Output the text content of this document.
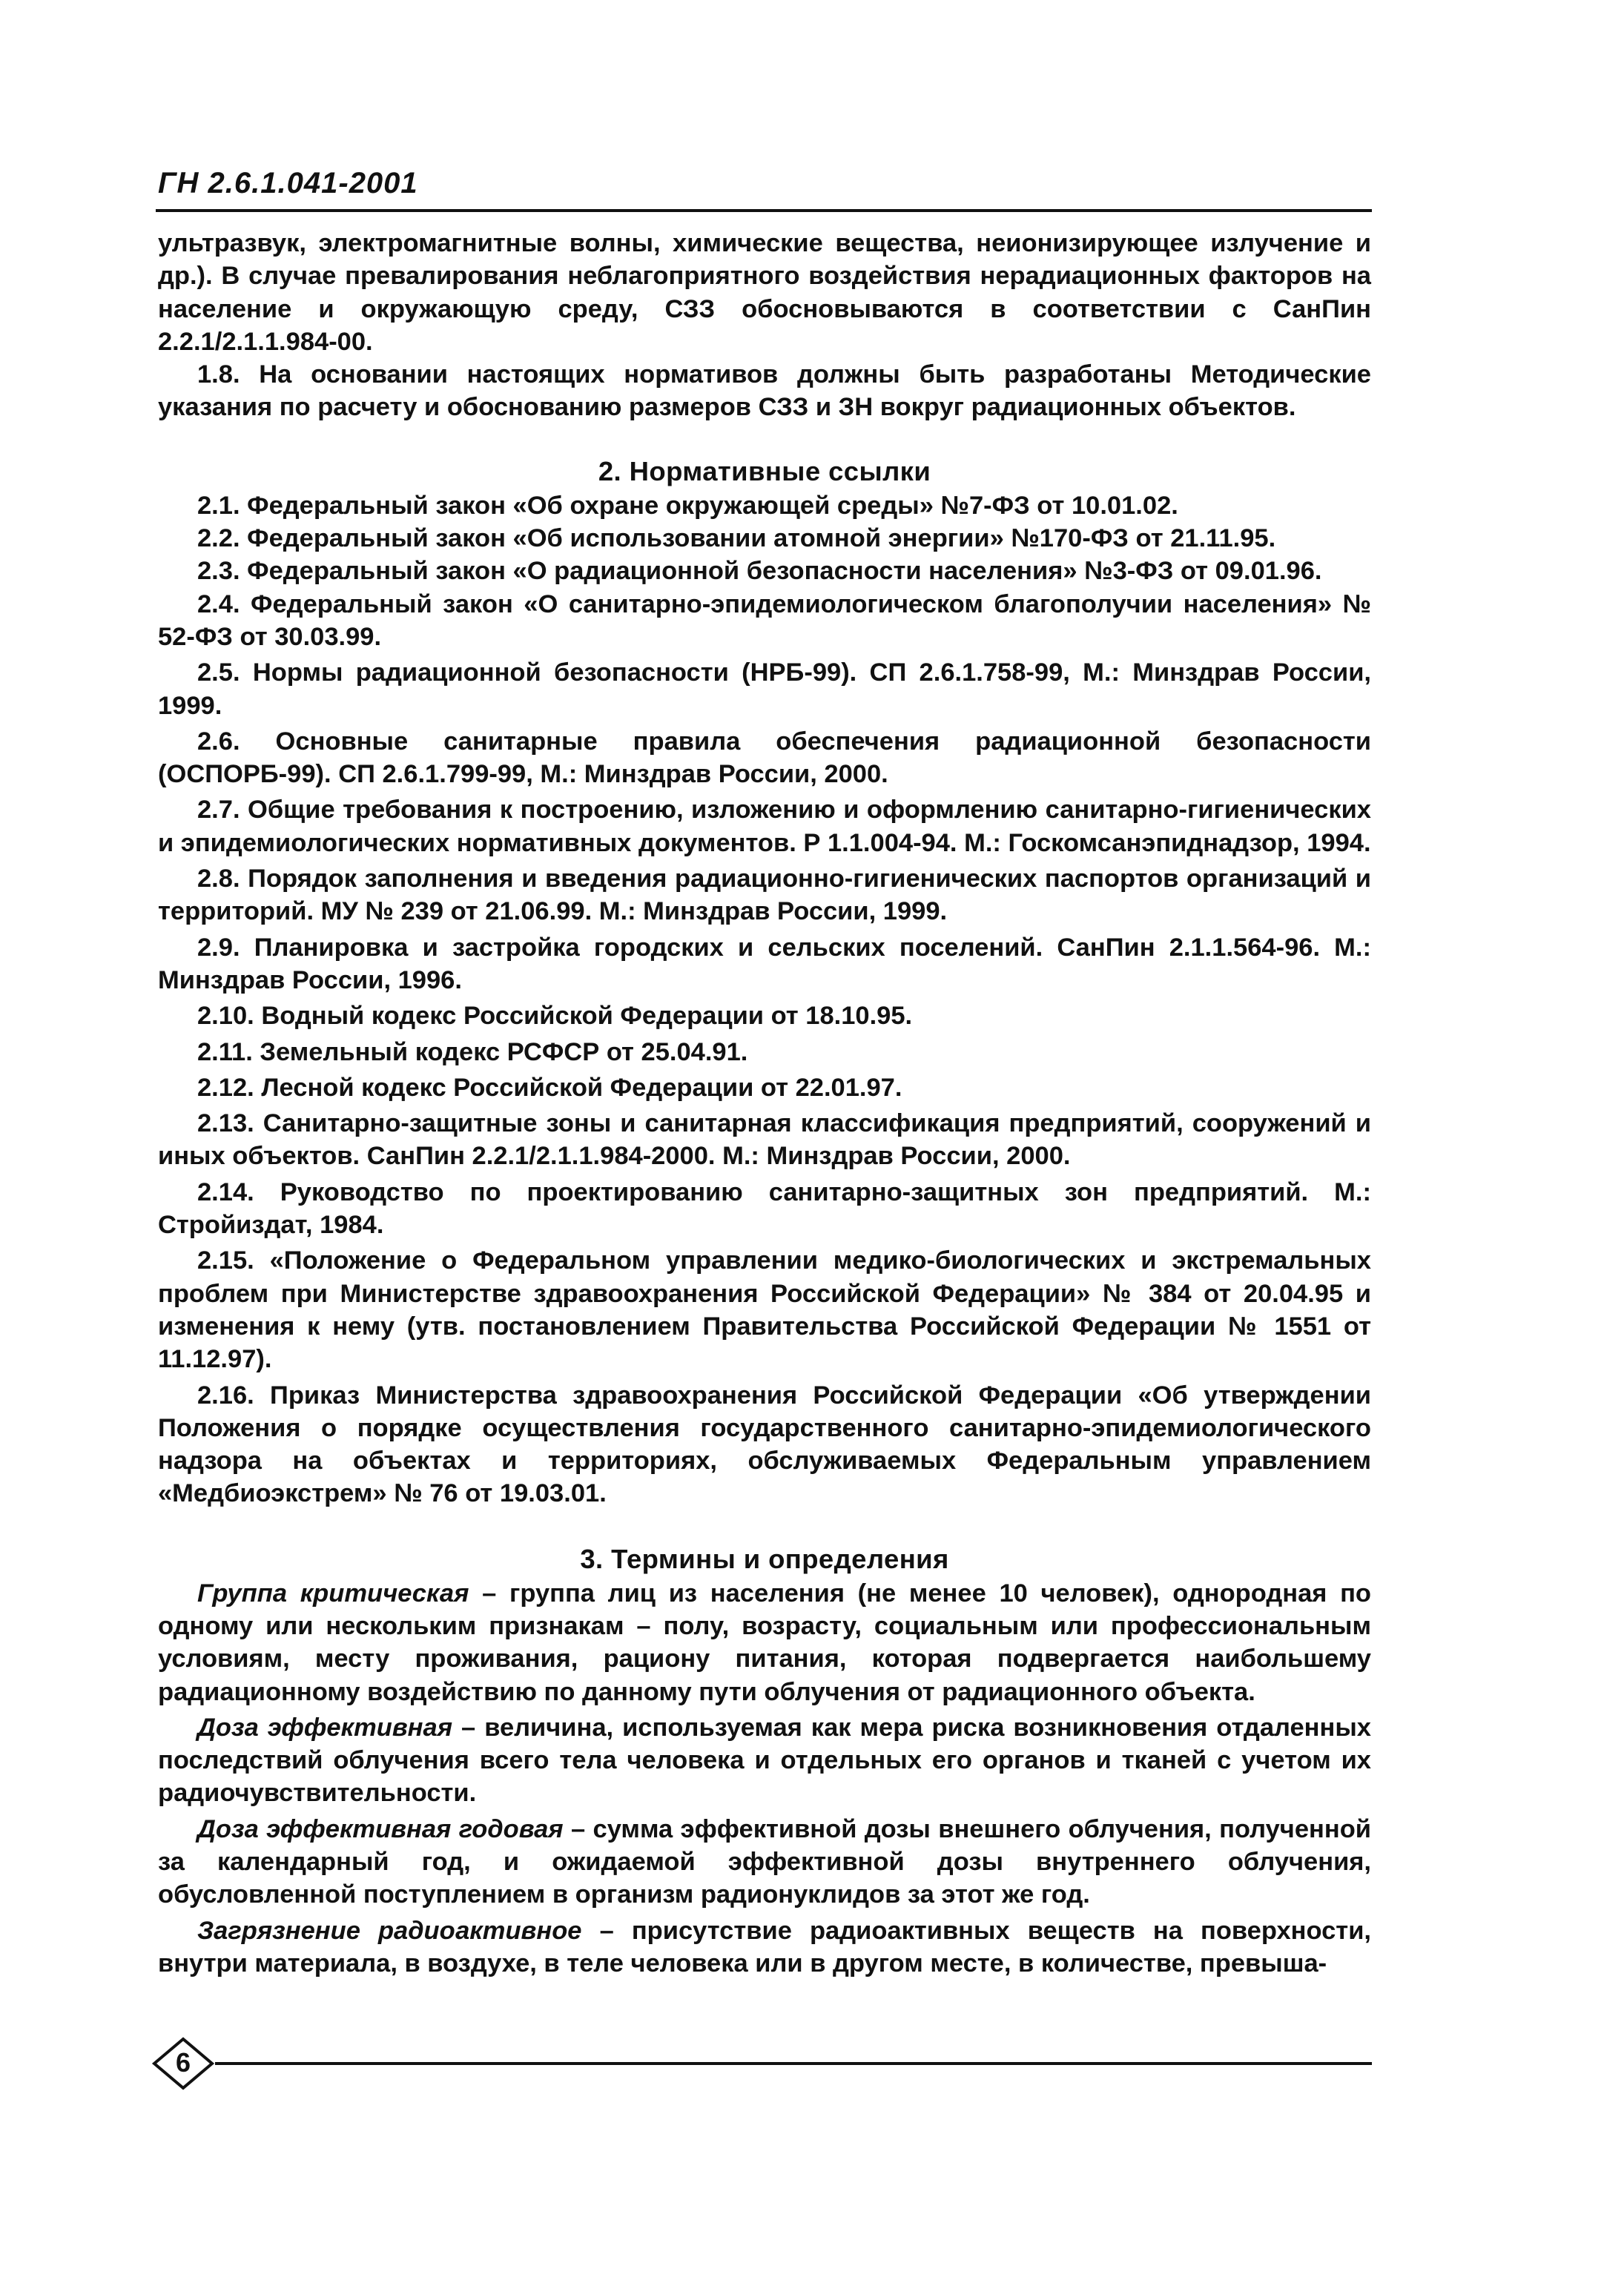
ГН 2.6.1.041-2001

ультразвук, электромагнитные волны, химические вещества, неионизирующее излучение и др.). В случае превалирования неблагоприятного воздействия нерадиационных факторов на население и окружающую среду, СЗЗ обосновываются в соответствии с СанПин 2.2.1/2.1.1.984-00.

1.8. На основании настоящих нормативов должны быть разработаны Методические указания по расчету и обоснованию размеров СЗЗ и ЗН вокруг радиационных объектов.

2. Нормативные ссылки

2.1. Федеральный закон «Об охране окружающей среды» №7-ФЗ от 10.01.02.

2.2. Федеральный закон «Об использовании атомной энергии» №170-ФЗ от 21.11.95.

2.3. Федеральный закон «О радиационной безопасности населения» №3-ФЗ от 09.01.96.

2.4. Федеральный закон «О санитарно-эпидемиологическом благополучии населения» № 52-ФЗ от 30.03.99.

2.5. Нормы радиационной безопасности (НРБ-99). СП 2.6.1.758-99, М.: Минздрав России, 1999.

2.6. Основные санитарные правила обеспечения радиационной безопасности (ОСПОРБ-99). СП 2.6.1.799-99, М.: Минздрав России, 2000.

2.7. Общие требования к построению, изложению и оформлению санитарно-гигиенических и эпидемиологических нормативных документов. Р 1.1.004-94. М.: Госкомсанэпиднадзор, 1994.

2.8. Порядок заполнения и введения радиационно-гигиенических паспортов организаций и территорий. МУ № 239 от 21.06.99. М.: Минздрав России, 1999.

2.9. Планировка и застройка городских и сельских поселений. СанПин 2.1.1.564-96. М.: Минздрав России, 1996.

2.10. Водный кодекс Российской Федерации от 18.10.95.

2.11. Земельный кодекс РСФСР от 25.04.91.

2.12. Лесной кодекс Российской Федерации от 22.01.97.

2.13. Санитарно-защитные зоны и санитарная классификация предприятий, сооружений и иных объектов. СанПин 2.2.1/2.1.1.984-2000. М.: Минздрав России, 2000.

2.14. Руководство по проектированию санитарно-защитных зон предприятий. М.: Стройиздат, 1984.

2.15. «Положение о Федеральном управлении медико-биологических и экстремальных проблем при Министерстве здравоохранения Российской Федерации» № 384 от 20.04.95 и изменения к нему (утв. постановлением Правительства Российской Федерации № 1551 от 11.12.97).

2.16. Приказ Министерства здравоохранения Российской Федерации «Об утверждении Положения о порядке осуществления государственного санитарно-эпидемиологического надзора на объектах и территориях, обслуживаемых Федеральным управлением «Медбиоэкстрем» № 76 от 19.03.01.

3. Термины и определения

Группа критическая – группа лиц из населения (не менее 10 человек), однородная по одному или нескольким признакам – полу, возрасту, социальным или профессиональным условиям, месту проживания, рациону питания, которая подвергается наибольшему радиационному воздействию по данному пути облучения от радиационного объекта.

Доза эффективная – величина, используемая как мера риска возникновения отдаленных последствий облучения всего тела человека и отдельных его органов и тканей с учетом их радиочувствительности.

Доза эффективная годовая – сумма эффективной дозы внешнего облучения, полученной за календарный год, и ожидаемой эффективной дозы внутреннего облучения, обусловленной поступлением в организм радионуклидов за этот же год.

Загрязнение радиоактивное – присутствие радиоактивных веществ на поверхности, внутри материала, в воздухе, в теле человека или в другом месте, в количестве, превыша-

6
